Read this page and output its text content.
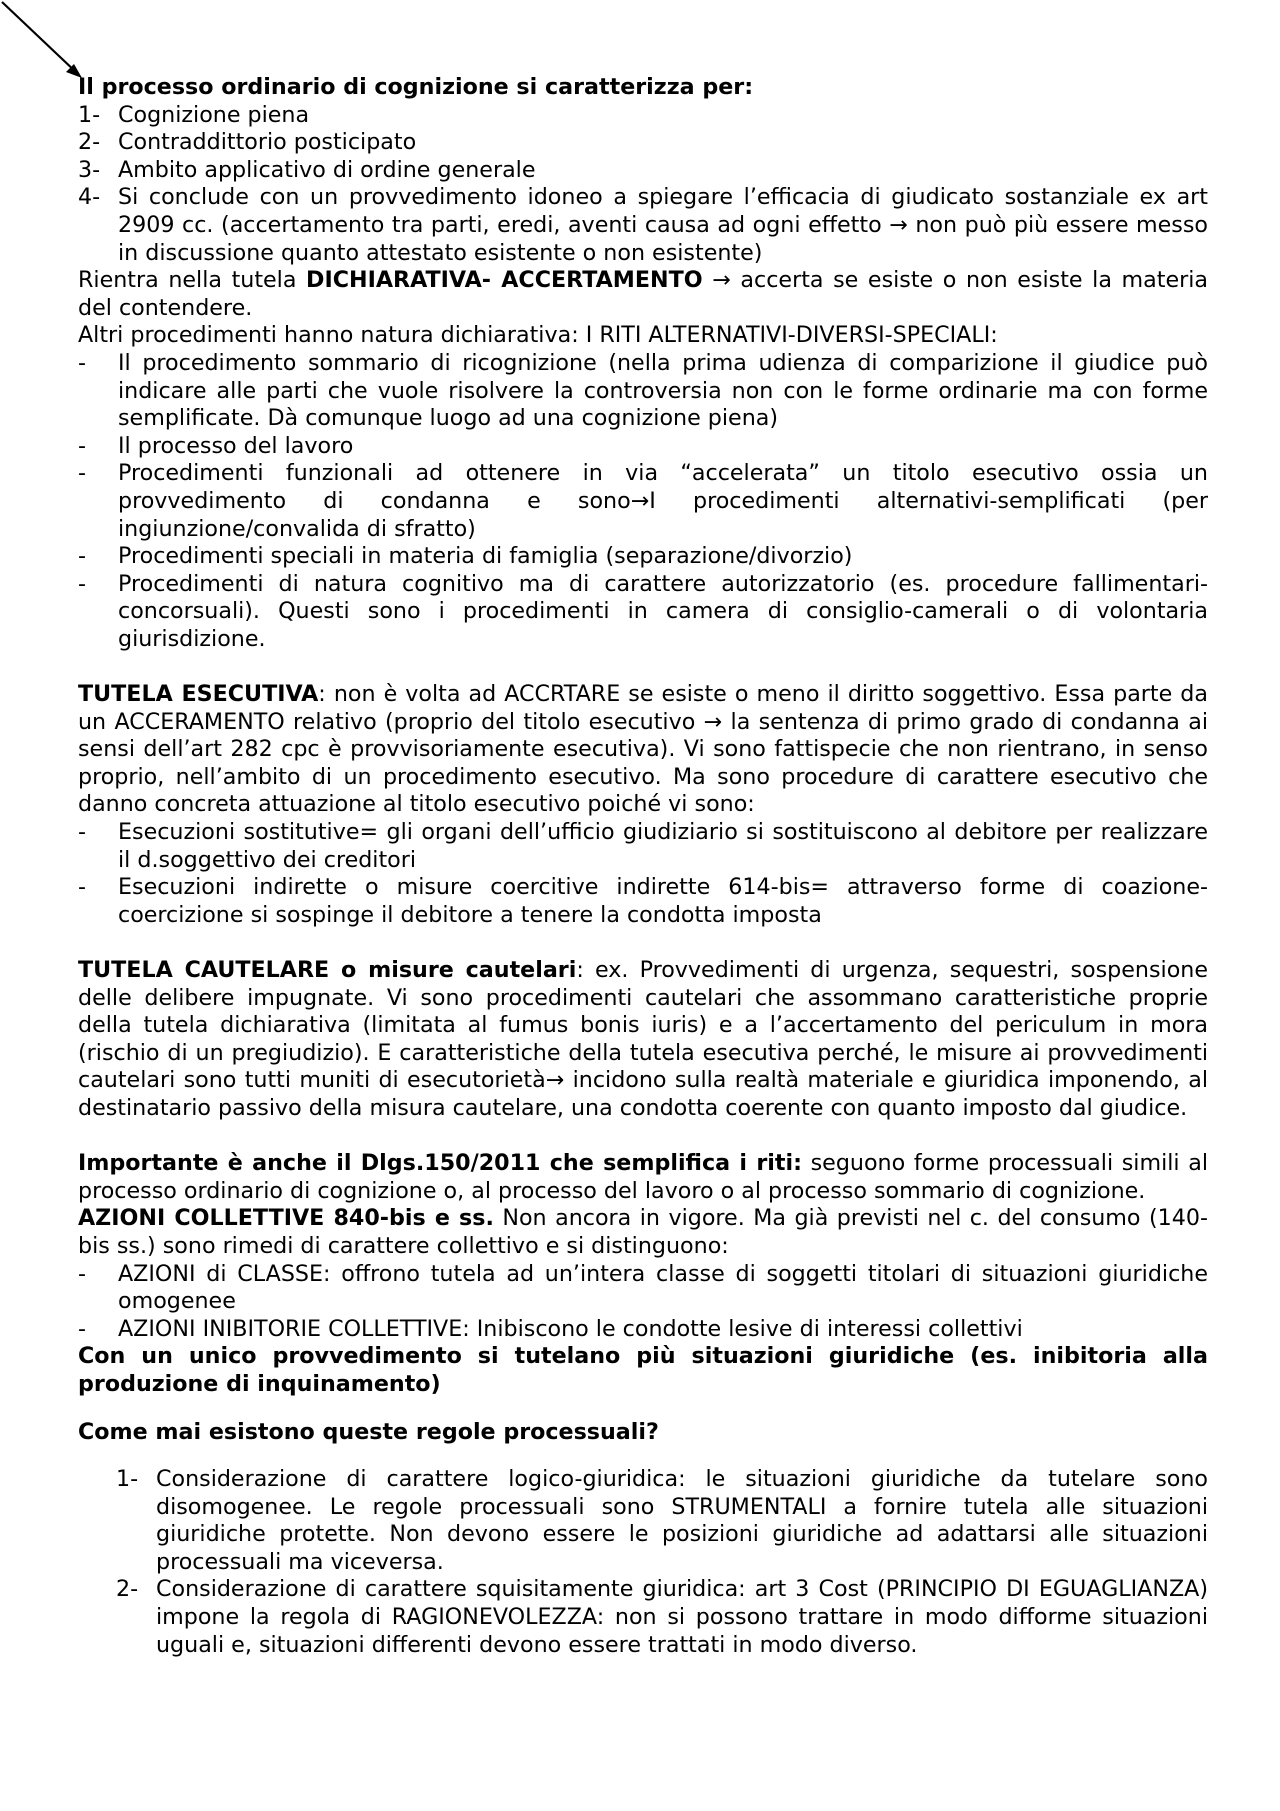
Il processo ordinario di cognizione si caratterizza per:

1- Cognizione piena
2- Contraddittorio posticipato
3- Ambito applicativo di ordine generale
4- Si conclude con un provvedimento idoneo a spiegare l’efficacia di giudicato sostanziale ex art 2909 cc. (accertamento tra parti, eredi, aventi causa ad ogni effetto → non può più essere messo in discussione quanto attestato esistente o non esistente)

Rientra nella tutela DICHIARATIVA- ACCERTAMENTO → accerta se esiste o non esiste la materia del contendere.

Altri procedimenti hanno natura dichiarativa: I RITI ALTERNATIVI-DIVERSI-SPECIALI:

- Il procedimento sommario di ricognizione (nella prima udienza di comparizione il giudice può indicare alle parti che vuole risolvere la controversia non con le forme ordinarie ma con forme semplificate. Dà comunque luogo ad una cognizione piena)
- Il processo del lavoro
- Procedimenti funzionali ad ottenere in via “accelerata” un titolo esecutivo ossia un provvedimento di condanna e sono→I procedimenti alternativi-semplificati (per ingiunzione/convalida di sfratto)
- Procedimenti speciali in materia di famiglia (separazione/divorzio)
- Procedimenti di natura cognitivo ma di carattere autorizzatorio (es. procedure fallimentari-concorsuali). Questi sono i procedimenti in camera di consiglio-camerali o di volontaria giurisdizione.

TUTELA ESECUTIVA: non è volta ad ACCRTARE se esiste o meno il diritto soggettivo. Essa parte da un ACCERAMENTO relativo (proprio del titolo esecutivo → la sentenza di primo grado di condanna ai sensi dell’art 282 cpc è provvisoriamente esecutiva). Vi sono fattispecie che non rientrano, in senso proprio, nell’ambito di un procedimento esecutivo. Ma sono procedure di carattere esecutivo che danno concreta attuazione al titolo esecutivo poiché vi sono:

- Esecuzioni sostitutive= gli organi dell’ufficio giudiziario si sostituiscono al debitore per realizzare il d.soggettivo dei creditori
- Esecuzioni indirette o misure coercitive indirette 614-bis= attraverso forme di coazione-coercizione si sospinge il debitore a tenere la condotta imposta

TUTELA CAUTELARE o misure cautelari: ex. Provvedimenti di urgenza, sequestri, sospensione delle delibere impugnate. Vi sono procedimenti cautelari che assommano caratteristiche proprie della tutela dichiarativa (limitata al fumus bonis iuris) e a l’accertamento del periculum in mora (rischio di un pregiudizio). E caratteristiche della tutela esecutiva perché, le misure ai provvedimenti cautelari sono tutti muniti di esecutorietà→ incidono sulla realtà materiale e giuridica imponendo, al destinatario passivo della misura cautelare, una condotta coerente con quanto imposto dal giudice.

Importante è anche il Dlgs.150/2011 che semplifica i riti: seguono forme processuali simili al processo ordinario di cognizione o, al processo del lavoro o al processo sommario di cognizione.

AZIONI COLLETTIVE 840-bis e ss. Non ancora in vigore. Ma già previsti nel c. del consumo (140-bis ss.) sono rimedi di carattere collettivo e si distinguono:

- AZIONI di CLASSE: offrono tutela ad un’intera classe di soggetti titolari di situazioni giuridiche omogenee
- AZIONI INIBITORIE COLLETTIVE: Inibiscono le condotte lesive di interessi collettivi

Con un unico provvedimento si tutelano più situazioni giuridiche (es. inibitoria alla produzione di inquinamento)

Come mai esistono queste regole processuali?

1- Considerazione di carattere logico-giuridica: le situazioni giuridiche da tutelare sono disomogenee. Le regole processuali sono STRUMENTALI a fornire tutela alle situazioni giuridiche protette. Non devono essere le posizioni giuridiche ad adattarsi alle situazioni processuali ma viceversa.
2- Considerazione di carattere squisitamente giuridica: art 3 Cost (PRINCIPIO DI EGUAGLIANZA) impone la regola di RAGIONEVOLEZZA: non si possono trattare in modo difforme situazioni uguali e, situazioni differenti devono essere trattati in modo diverso.
